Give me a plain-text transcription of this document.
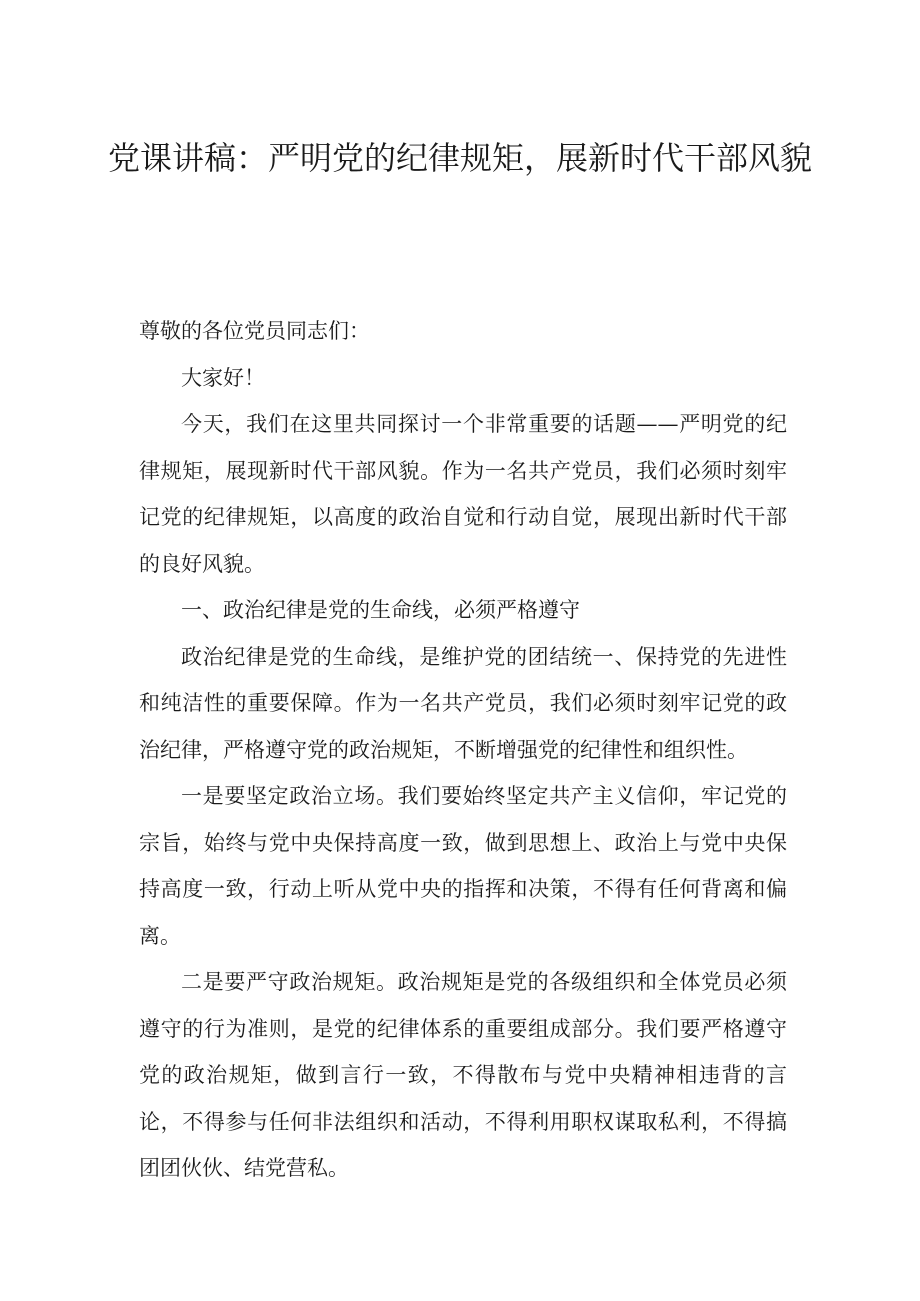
党课讲稿：严明党的纪律规矩，展新时代干部风貌

尊敬的各位党员同志们：

大家好！

今天，我们在这里共同探讨一个非常重要的话题——严明党的纪律规矩，展现新时代干部风貌。作为一名共产党员，我们必须时刻牢记党的纪律规矩，以高度的政治自觉和行动自觉，展现出新时代干部的良好风貌。

一、政治纪律是党的生命线，必须严格遵守

政治纪律是党的生命线，是维护党的团结统一、保持党的先进性和纯洁性的重要保障。作为一名共产党员，我们必须时刻牢记党的政治纪律，严格遵守党的政治规矩，不断增强党的纪律性和组织性。

一是要坚定政治立场。我们要始终坚定共产主义信仰，牢记党的宗旨，始终与党中央保持高度一致，做到思想上、政治上与党中央保持高度一致，行动上听从党中央的指挥和决策，不得有任何背离和偏离。

二是要严守政治规矩。政治规矩是党的各级组织和全体党员必须遵守的行为准则，是党的纪律体系的重要组成部分。我们要严格遵守党的政治规矩，做到言行一致，不得散布与党中央精神相违背的言论，不得参与任何非法组织和活动，不得利用职权谋取私利，不得搞团团伙伙、结党营私。
